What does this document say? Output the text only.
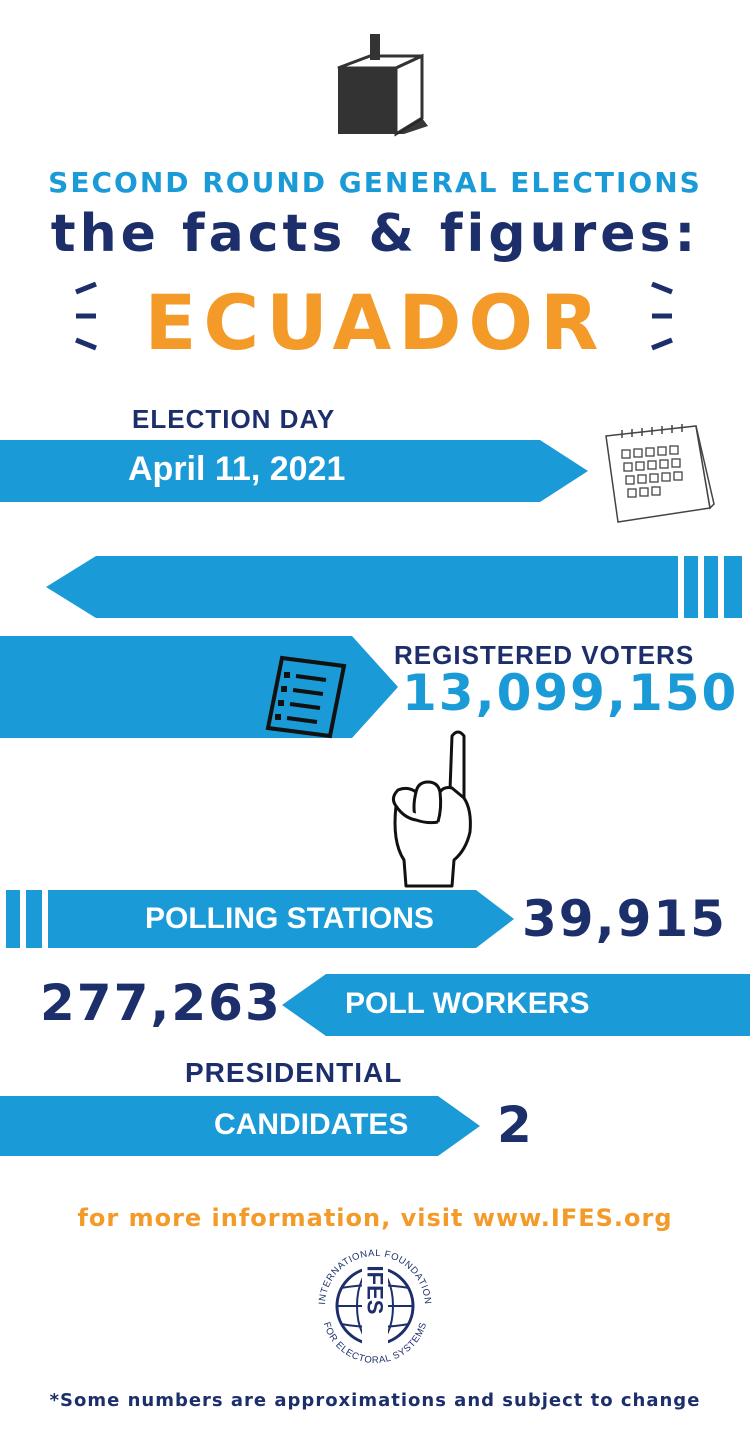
SECOND ROUND GENERAL ELECTIONS
the facts & figures:
ECUADOR
ELECTION DAY
April 11, 2021
REGISTERED VOTERS
13,099,150
POLLING STATIONS 39,915
277,263 POLL WORKERS
PRESIDENTIAL
CANDIDATES 2
for more information, visit www.IFES.org
IFES
INTERNATIONAL FOUNDATION
FOR ELECTORAL SYSTEMS
*Some numbers are approximations and subject to change
